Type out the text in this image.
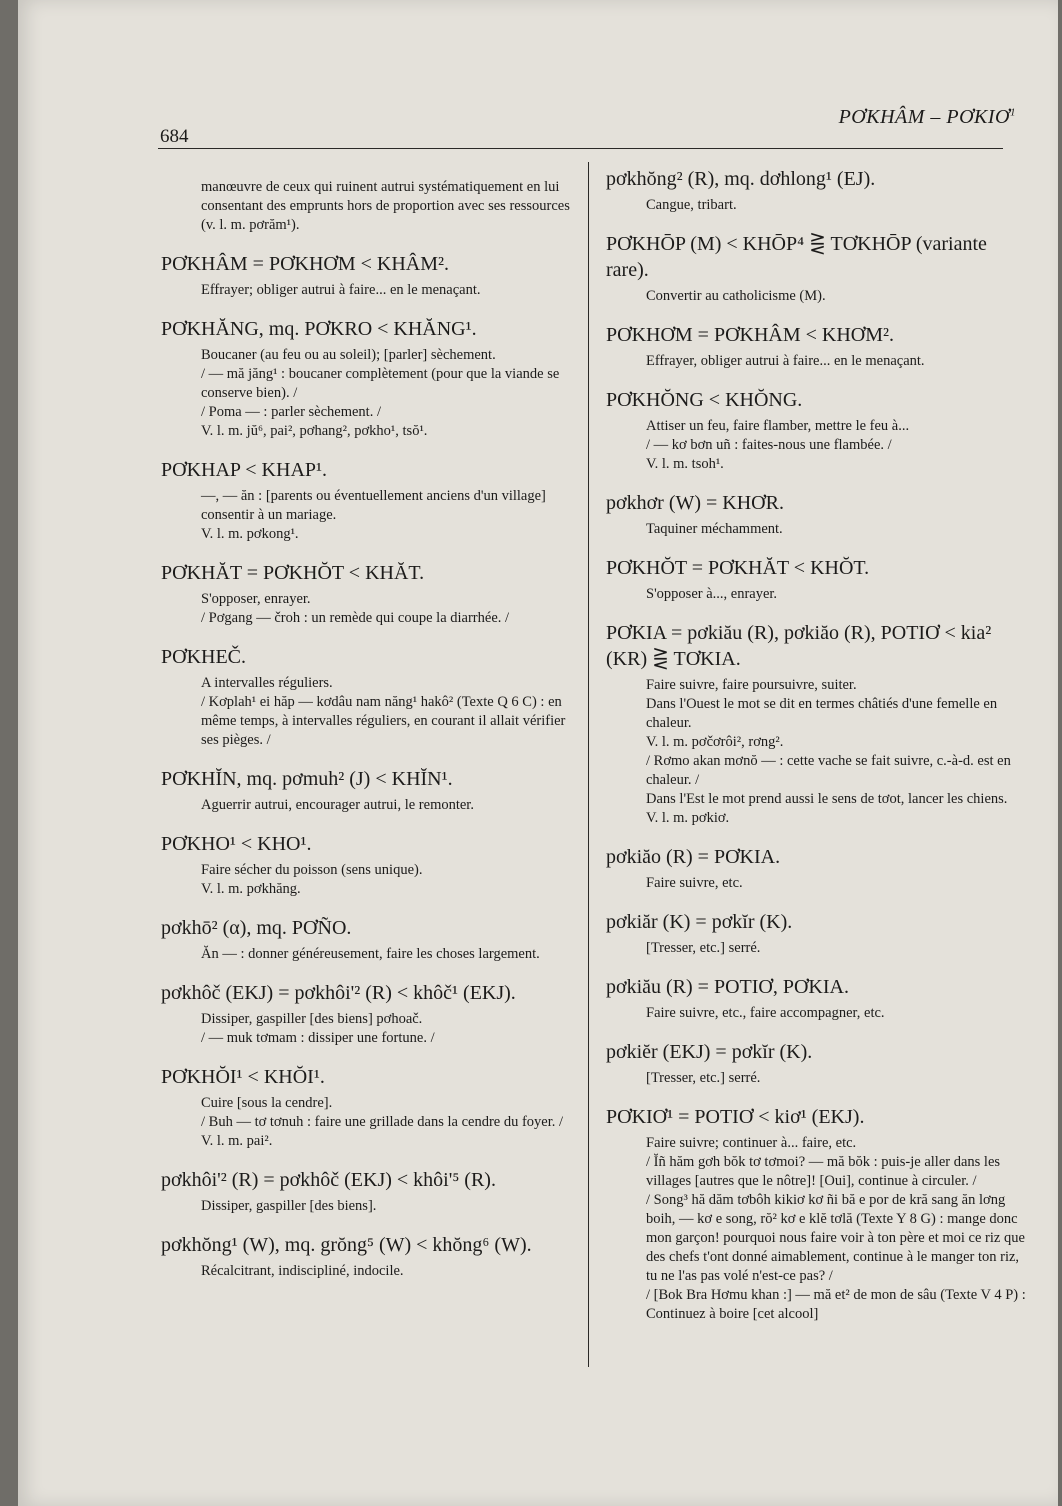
684
PƠKHÂM – PƠKIƠ$^1$
manœuvre de ceux qui ruinent autrui systématiquement en lui consentant des emprunts hors de proportion avec ses ressources (v. l. m. pơrăm¹).
PƠKHÂM = PƠKHƠM < KHÂM².
Effrayer; obliger autrui à faire... en le menaçant.
PƠKHĂNG, mq. PƠKRO < KHĂNG¹.
Boucaner (au feu ou au soleil); [parler] sèchement.
/ — mă jăng¹ : boucaner complètement (pour que la viande se conserve bien). /
/ Poma — : parler sèchement. /
V. l. m. jŭ⁶, pai², pơhang², pơkho¹, tsŏ¹.
PƠKHAP < KHAP¹.
—, — ăn : [parents ou éventuellement anciens d'un village] consentir à un mariage.
V. l. m. pơkong¹.
PƠKHĂT = PƠKHŎT < KHĂT.
S'opposer, enrayer.
/ Pơgang — čroh : un remède qui coupe la diarrhée. /
PƠKHEČ.
A intervalles réguliers.
/ Kơplah¹ ei hăp — kơdâu nam năng¹ hakô² (Texte Q 6 C) : en même temps, à intervalles réguliers, en courant il allait vérifier ses pièges. /
PƠKHĬN, mq. pơmuh² (J) < KHĬN¹.
Aguerrir autrui, encourager autrui, le remonter.
PƠKHO¹ < KHO¹.
Faire sécher du poisson (sens unique).
V. l. m. pơkhăng.
pơkhō² (α), mq. PƠÑO.
Ăn — : donner généreusement, faire les choses largement.
pơkhôč (EKJ) = pơkhôi'² (R) < khôč¹ (EKJ).
Dissiper, gaspiller [des biens] pơhoač.
/ — muk tơmam : dissiper une fortune. /
PƠKHŎI¹ < KHŎI¹.
Cuire [sous la cendre].
/ Buh — tơ tơnuh : faire une grillade dans la cendre du foyer. /
V. l. m. pai².
pơkhôi'² (R) = pơkhôč (EKJ) < khôi'⁵ (R).
Dissiper, gaspiller [des biens].
pơkhŏng¹ (W), mq. grŏng⁵ (W) < khŏng⁶ (W).
Récalcitrant, indiscipliné, indocile.
pơkhŏng² (R), mq. dơhlong¹ (EJ).
Cangue, tribart.
PƠKHŌP (M) < KHŌP⁴ ⋛ TƠKHŌP (variante rare).
Convertir au catholicisme (M).
PƠKHƠM = PƠKHÂM < KHƠM².
Effrayer, obliger autrui à faire... en le menaçant.
PƠKHŎNG < KHŎNG.
Attiser un feu, faire flamber, mettre le feu à...
/ — kơ bơn uñ : faites-nous une flambée. /
V. l. m. tsoh¹.
pơkhơr (W) = KHƠR.
Taquiner méchamment.
PƠKHŎT = PƠKHĂT < KHŎT.
S'opposer à..., enrayer.
PƠKIA = pơkiău (R), pơkiăo (R), POTIƠ < kia² (KR) ⋛ TƠKIA.
Faire suivre, faire poursuivre, suiter.
Dans l'Ouest le mot se dit en termes châtiés d'une femelle en chaleur.
V. l. m. pơčơrôi², rơng².
/ Rơmo akan mơnŏ — : cette vache se fait suivre, c.-à-d. est en chaleur. /
Dans l'Est le mot prend aussi le sens de tơot, lancer les chiens.
V. l. m. pơkiơ.
pơkiăo (R) = PƠKIA.
Faire suivre, etc.
pơkiăr (K) = pơkĭr (K).
[Tresser, etc.] serré.
pơkiău (R) = POTIƠ, PƠKIA.
Faire suivre, etc., faire accompagner, etc.
pơkiĕr (EKJ) = pơkĭr (K).
[Tresser, etc.] serré.
PƠKIƠ¹ = POTIƠ < kiơ¹ (EKJ).
Faire suivre; continuer à... faire, etc.
/ Ĭñ hăm gơh bŏk tơ tơmoi? — mă bŏk : puis-je aller dans les villages [autres que le nôtre]! [Oui], continue à circuler. /
/ Song³ hă dăm tơbôh kikiơ kơ ñi bă e por de kră sang ăn lơng boih, — kơ e song, rŏ² kơ e klĕ tơlă (Texte Y 8 G) : mange donc mon garçon! pourquoi nous faire voir à ton père et moi ce riz que des chefs t'ont donné aimablement, continue à le manger ton riz, tu ne l'as pas volé n'est-ce pas? /
/ [Bok Bra Hơmu khan :] — mă et² de mon de sâu (Texte V 4 P) : Continuez à boire [cet alcool]
